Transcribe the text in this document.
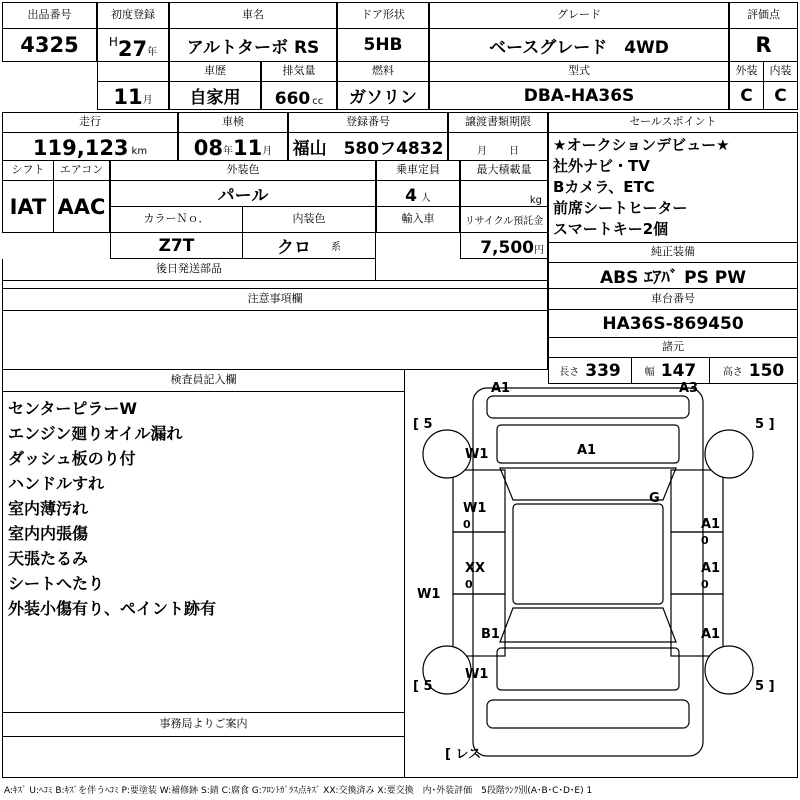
出品番号
4325
初度登録
H 27 年
車名
アルトターボ RS
ドア形状
5HB
グレード
ベースグレード　4WD
評価点
R
11 月
車歴
自家用
排気量
660 cc
燃料
ガソリン
型式
DBA-HA36S
外装 内装
C C
走行
119,123 km
車検
08 年 11 月
登録番号
福山　580フ4832
譲渡書類期限
月 日
セールスポイント
★オークションデビュー★
社外ナビ・TV
Bカメラ、ETC
前席シートヒーター
スマートキー2個
純正装備
ABS ｴｱﾊﾞ PS PW
シフト エアコン
IAT AAC
外装色
パール
カラーＮｏ．	内装色
Z7T	クロ 系
乗車定員
4 人
輸入車
最大積載量
kg
リサイクル預託金
7,500 円
後日発送部品
注意事項欄	車台番号
HA36S-869450
諸元
長さ 339 幅 147	高さ 150
検査員記入欄
センターピラーW
エンジン廻りオイル漏れ
ダッシュ板のり付
ハンドルすれ
室内薄汚れ
室内内張傷
天張たるみ
シートへたり
外装小傷有り、ペイント跡有
事務局よりご案内
A1	A3
[ 5	5 ]
W1	A1
G
W1
0	A1
0
XX
0
A1
0
W1
B1	A1
W1
[ 5	5 ]
[ レス
A:ｷｽﾞ U:ﾍｺﾐ B:ｷｽﾞを伴うﾍｺﾐ P:要塗装 W:補修跡 S:錆 C:腐食 G:ﾌﾛﾝﾄｶﾞﾗｽ点ｷｽﾞ XX:交換済み X:要交換　内･外装評価　5段階ﾗﾝｸ別(A･B･C･D･E) 1
